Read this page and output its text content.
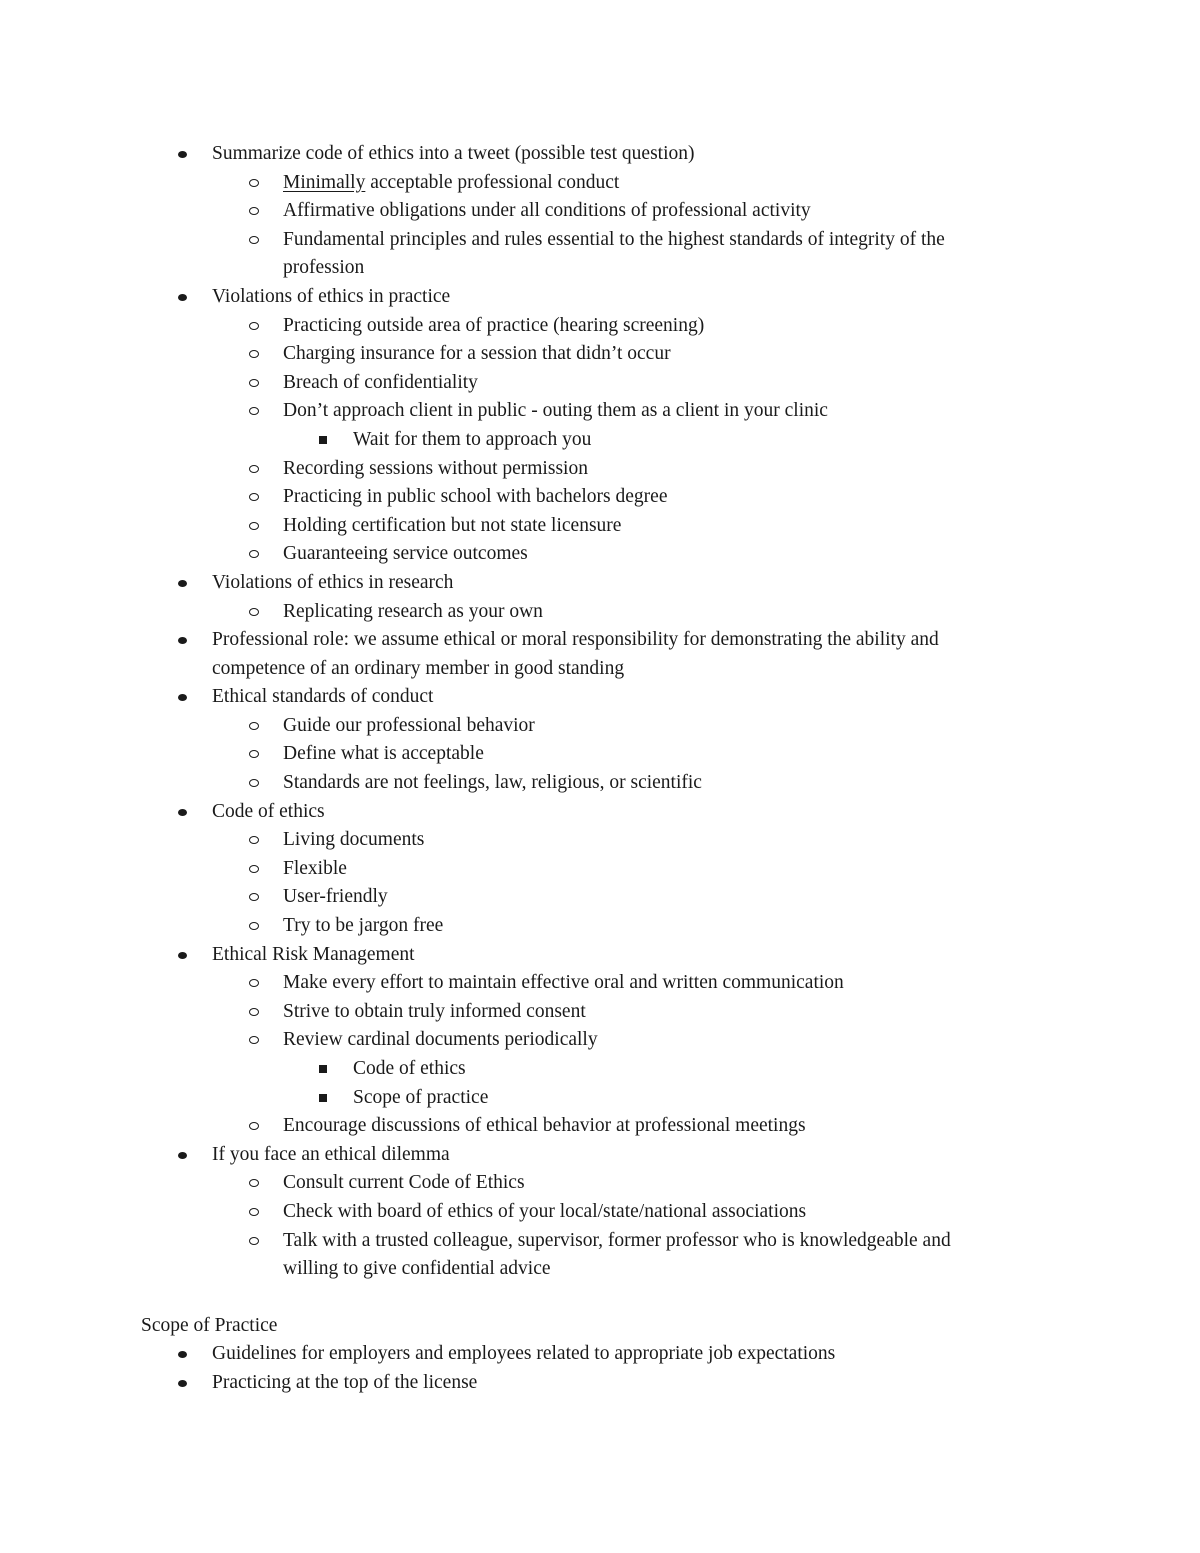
Summarize code of ethics into a tweet (possible test question)
Minimally acceptable professional conduct
Affirmative obligations under all conditions of professional activity
Fundamental principles and rules essential to the highest standards of integrity of the
profession
Violations of ethics in practice
Practicing outside area of practice (hearing screening)
Charging insurance for a session that didn’t occur
Breach of confidentiality
Don’t approach client in public - outing them as a client in your clinic
Wait for them to approach you
Recording sessions without permission
Practicing in public school with bachelors degree
Holding certification but not state licensure
Guaranteeing service outcomes
Violations of ethics in research
Replicating research as your own
Professional role: we assume ethical or moral responsibility for demonstrating the ability and
competence of an ordinary member in good standing
Ethical standards of conduct
Guide our professional behavior
Define what is acceptable
Standards are not feelings, law, religious, or scientific
Code of ethics
Living documents
Flexible
User-friendly
Try to be jargon free
Ethical Risk Management
Make every effort to maintain effective oral and written communication
Strive to obtain truly informed consent
Review cardinal documents periodically
Code of ethics
Scope of practice
Encourage discussions of ethical behavior at professional meetings
If you face an ethical dilemma
Consult current Code of Ethics
Check with board of ethics of your local/state/national associations
Talk with a trusted colleague, supervisor, former professor who is knowledgeable and
willing to give confidential advice
Scope of Practice
Guidelines for employers and employees related to appropriate job expectations
Practicing at the top of the license
